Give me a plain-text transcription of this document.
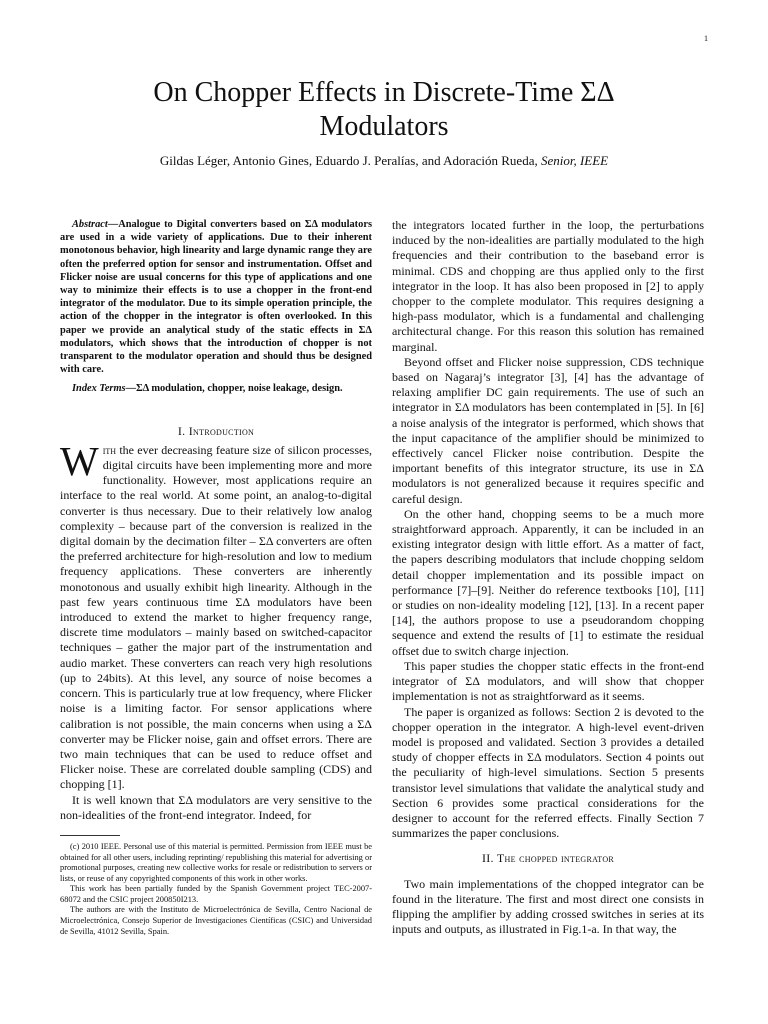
1
On Chopper Effects in Discrete-Time ΣΔ
Modulators
Gildas Léger, Antonio Gines, Eduardo J. Peralías, and Adoración Rueda, Senior, IEEE

Abstract—Analogue to Digital converters based on ΣΔ modulators are used in a wide variety of applications. Due to their inherent monotonous behavior, high linearity and large dynamic range they are often the preferred option for sensor and instrumentation. Offset and Flicker noise are usual concerns for this type of applications and one way to minimize their effects is to use a chopper in the front-end integrator of the modulator. Due to its simple operation principle, the action of the chopper in the integrator is often overlooked. In this paper we provide an analytical study of the static effects in ΣΔ modulators, which shows that the introduction of chopper is not transparent to the modulator operation and should thus be designed with care.

Index Terms—ΣΔ modulation, chopper, noise leakage, design.

I. Introduction

With the ever decreasing feature size of silicon processes, digital circuits have been implementing more and more functionality. However, most applications require an interface to the real world. At some point, an analog-to-digital converter is thus necessary. Due to their relatively low analog complexity – because part of the conversion is realized in the digital domain by the decimation filter – ΣΔ converters are often the preferred architecture for high-resolution and low to medium frequency applications. These converters are inherently monotonous and usually exhibit high linearity. Although in the past few years continuous time ΣΔ modulators have been introduced to extend the market to higher frequency range, discrete time modulators – mainly based on switched-capacitor techniques – gather the major part of the instrumentation and audio market. These converters can reach very high resolutions (up to 24bits). At this level, any source of noise becomes a concern. This is particularly true at low frequency, where Flicker noise is a limiting factor. For sensor applications where calibration is not possible, the main concerns when using a ΣΔ converter may be Flicker noise, gain and offset errors. There are two main techniques that can be used to reduce offset and Flicker noise. These are correlated double sampling (CDS) and chopping [1].

It is well known that ΣΔ modulators are very sensitive to the non-idealities of the front-end integrator. Indeed, for

(c) 2010 IEEE. Personal use of this material is permitted. Permission from IEEE must be obtained for all other users, including reprinting/ republishing this material for advertising or promotional purposes, creating new collective works for resale or redistribution to servers or lists, or reuse of any copyrighted components of this work in other works.

This work has been partially funded by the Spanish Government project TEC-2007-68072 and the CSIC project 200850I213.

The authors are with the Instituto de Microelectrónica de Sevilla, Centro Nacional de Microelectrónica, Consejo Superior de Investigaciones Científicas (CSIC) and Universidad de Sevilla, 41012 Sevilla, Spain.

the integrators located further in the loop, the perturbations induced by the non-idealities are partially modulated to the high frequencies and their contribution to the baseband error is minimal. CDS and chopping are thus applied only to the first integrator in the loop. It has also been proposed in [2] to apply chopper to the complete modulator. This requires designing a high-pass modulator, which is a fundamental and challenging architectural change. For this reason this solution has remained marginal.

Beyond offset and Flicker noise suppression, CDS technique based on Nagaraj’s integrator [3], [4] has the advantage of relaxing amplifier DC gain requirements. The use of such an integrator in ΣΔ modulators has been contemplated in [5]. In [6] a noise analysis of the integrator is performed, which shows that the input capacitance of the amplifier should be minimized to effectively cancel Flicker noise contribution. Despite the important benefits of this integrator structure, its use in ΣΔ modulators is not generalized because it requires specific and careful design.

On the other hand, chopping seems to be a much more straightforward approach. Apparently, it can be included in an existing integrator design with little effort. As a matter of fact, the papers describing modulators that include chopping seldom detail chopper implementation and its possible impact on performance [7]–[9]. Neither do reference textbooks [10], [11] or studies on non-ideality modeling [12], [13]. In a recent paper [14], the authors propose to use a pseudorandom chopping sequence and extend the results of [1] to estimate the residual offset due to switch charge injection.

This paper studies the chopper static effects in the front-end integrator of ΣΔ modulators, and will show that chopper implementation is not as straightforward as it seems.

The paper is organized as follows: Section 2 is devoted to the chopper operation in the integrator. A high-level event-driven model is proposed and validated. Section 3 provides a detailed study of chopper effects in ΣΔ modulators. Section 4 points out the peculiarity of high-level simulations. Section 5 presents transistor level simulations that validate the analytical study and Section 6 provides some practical considerations for the designer to account for the referred effects. Finally Section 7 summarizes the paper conclusions.

II. The chopped integrator

Two main implementations of the chopped integrator can be found in the literature. The first and most direct one consists in flipping the amplifier by adding crossed switches in series at its inputs and outputs, as illustrated in Fig.1-a. In that way, the
